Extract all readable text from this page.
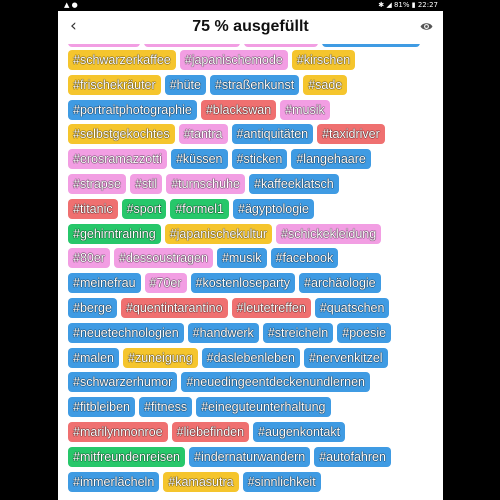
▲ ●	✱ ◢ 81% ▮ 22:27
‹	75 % ausgefüllt
#schwarzerkaffee	#japanischemode	#kirschen
#frischekräuter	#hüte	#straßenkunst	#sade
#portraitphotographie	#blackswan	#musik
#selbstgekochtes	#tantra	#antiquitäten	#taxidriver
#erosramazzotti	#küssen	#sticken	#langehaare
#strapse	#stil	#turnschuhe	#kaffeeklatsch
#titanic	#sport	#formel1	#ägyptologie
#gehirntraining	#japanischekultur	#schickekleidung
#80er	#dessoustragen	#musik	#facebook
#meinefrau	#70er	#kostenloseparty	#archäologie
#berge	#quentintarantino	#leutetreffen	#quatschen
#neuetechnologien	#handwerk	#streicheln	#poesie
#malen	#zuneigung	#daslebenleben	#nervenkitzel
#schwarzerhumor	#neuedingeentdeckenundlernen
#fitbleiben	#fitness	#eineguteunterhaltung
#marilynmonroe	#liebefinden	#augenkontakt
#mitfreundenreisen	#indernaturwandern	#autofahren
#immerlächeln	#kamasutra	#sinnlichkeit
